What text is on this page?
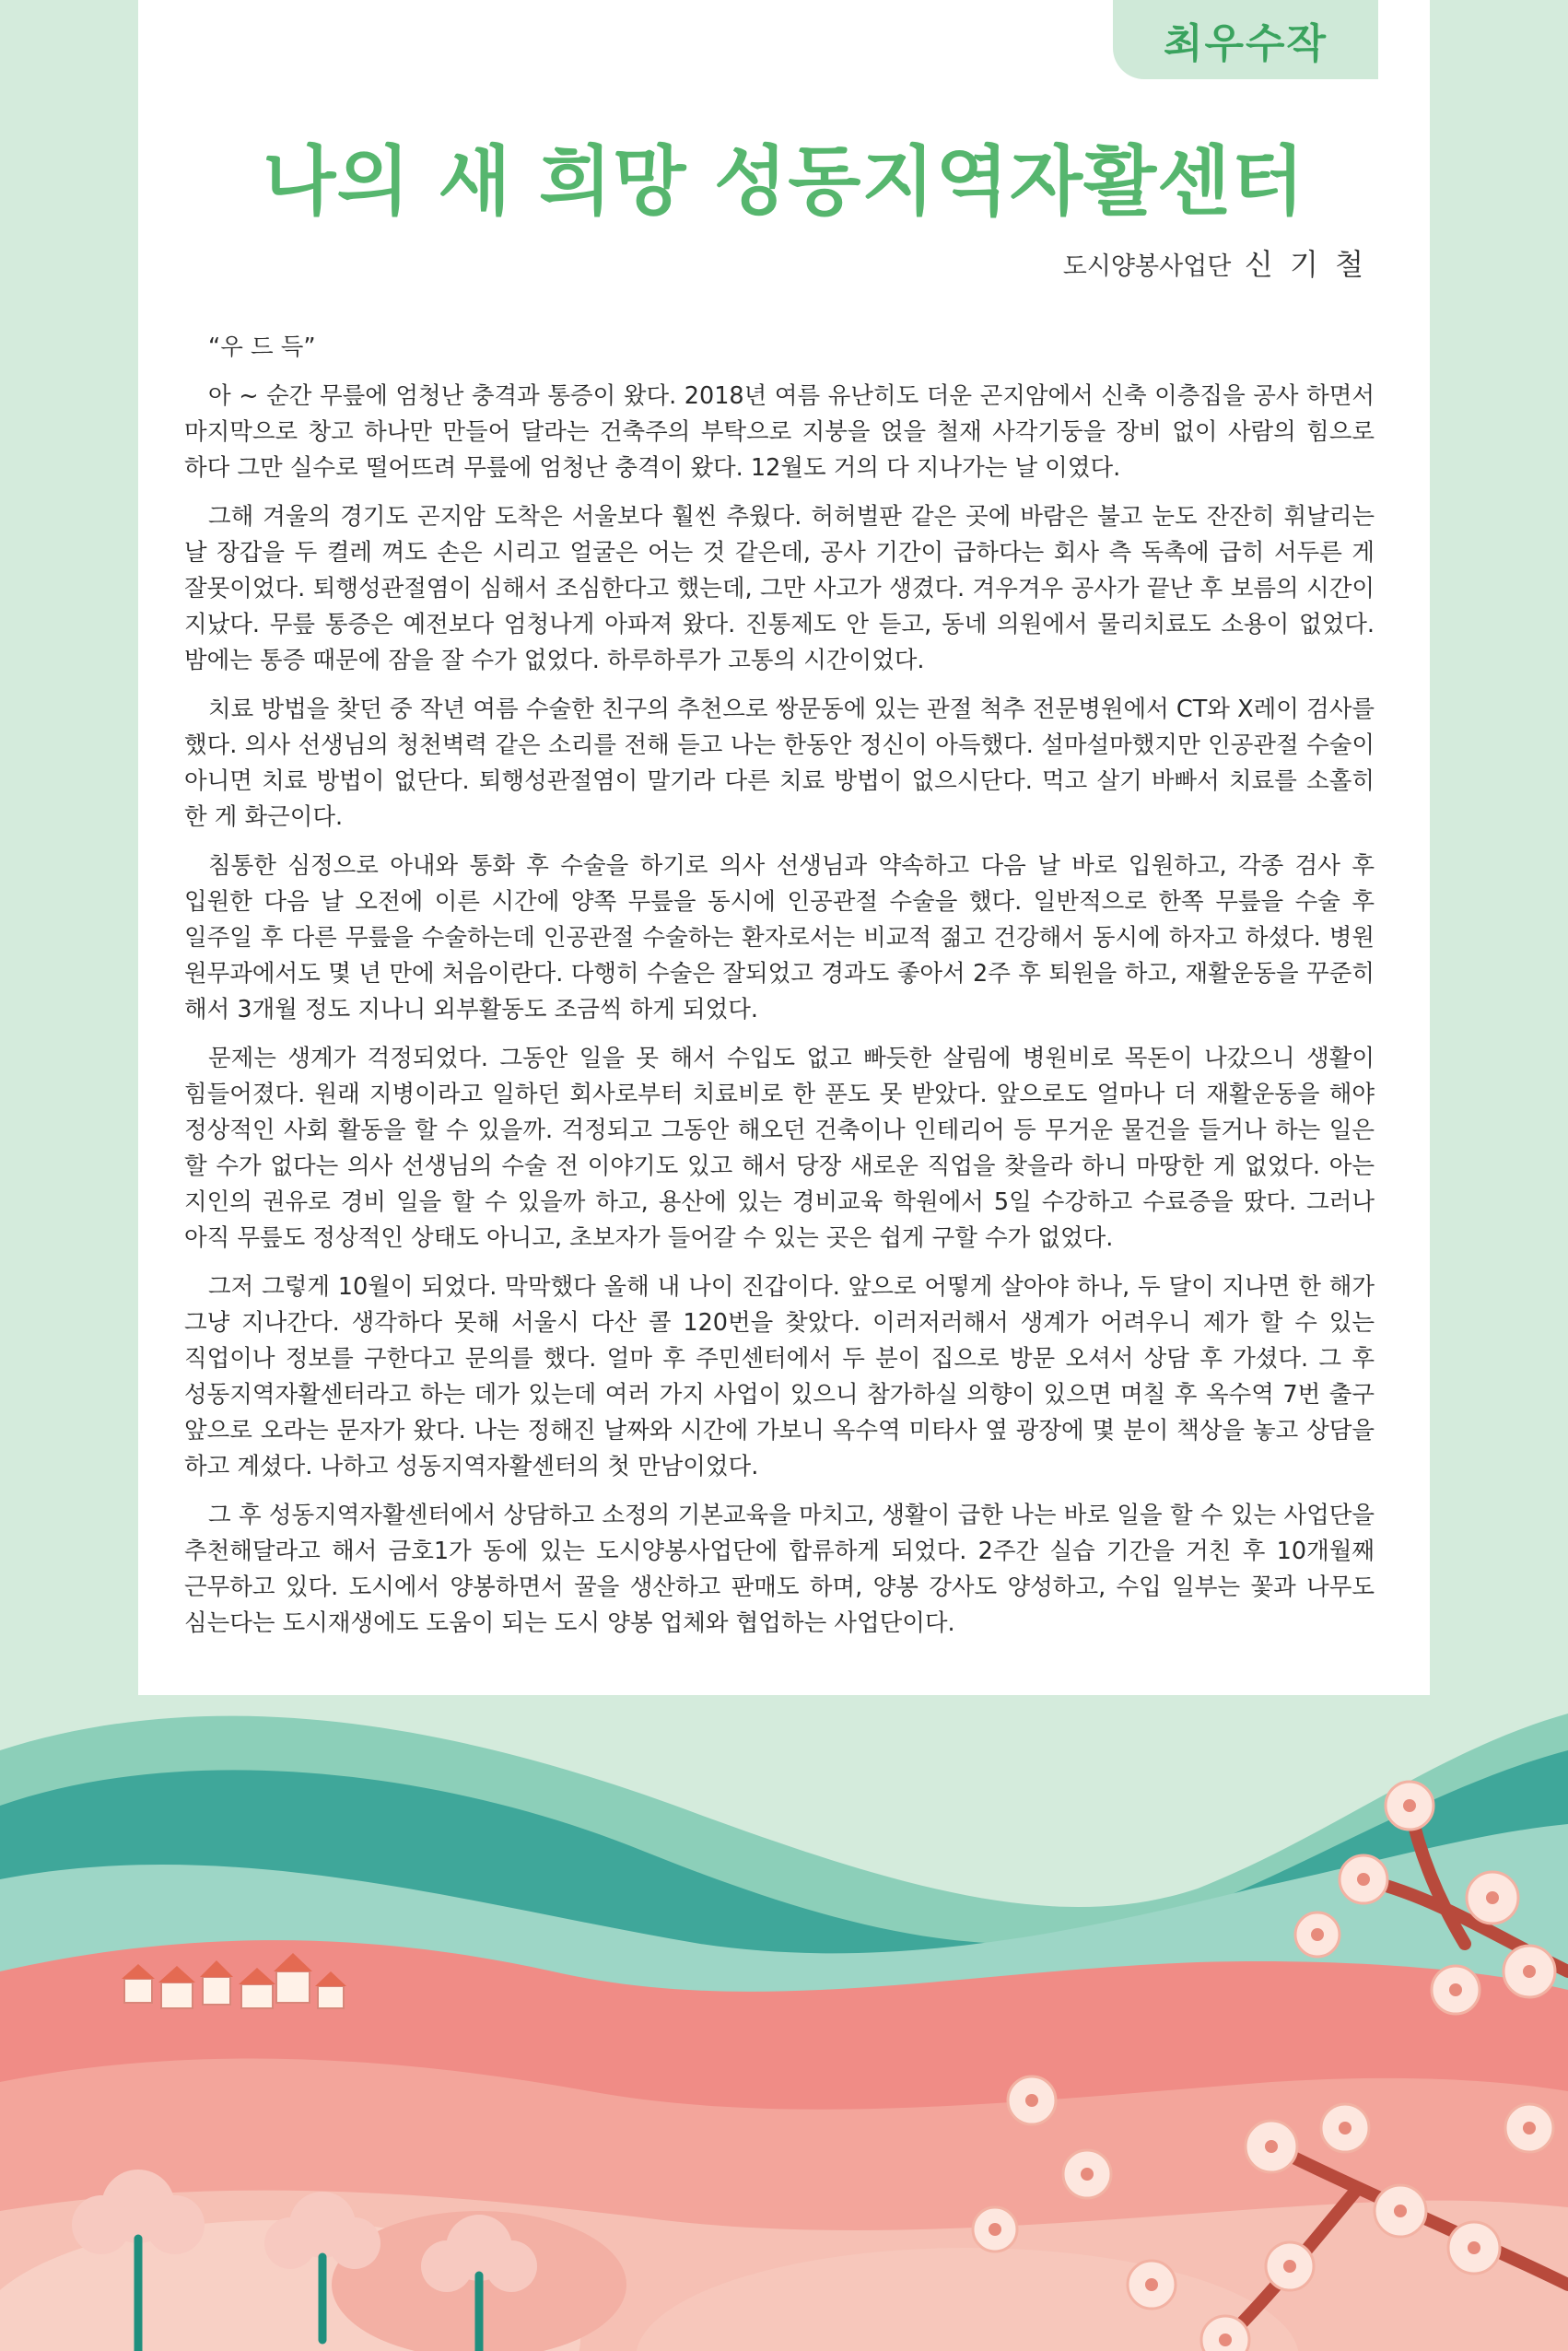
최우수작
나의 새 희망 성동지역자활센터
도시양봉사업단 신 기 철

“우 드 득”

아 ~ 순간 무릎에 엄청난 충격과 통증이 왔다. 2018년 여름 유난히도 더운 곤지암에서 신축 이층집을 공사 하면서 마지막으로 창고 하나만 만들어 달라는 건축주의 부탁으로 지붕을 얹을 철재 사각기둥을 장비 없이 사람의 힘으로 하다 그만 실수로 떨어뜨려 무릎에 엄청난 충격이 왔다. 12월도 거의 다 지나가는 날 이였다.

그해 겨울의 경기도 곤지암 도착은 서울보다 훨씬 추웠다. 허허벌판 같은 곳에 바람은 불고 눈도 잔잔히 휘날리는 날 장갑을 두 켤레 껴도 손은 시리고 얼굴은 어는 것 같은데, 공사 기간이 급하다는 회사 측 독촉에 급히 서두른 게 잘못이었다. 퇴행성관절염이 심해서 조심한다고 했는데, 그만 사고가 생겼다. 겨우겨우 공사가 끝난 후 보름의 시간이 지났다. 무릎 통증은 예전보다 엄청나게 아파져 왔다. 진통제도 안 듣고, 동네 의원에서 물리치료도 소용이 없었다. 밤에는 통증 때문에 잠을 잘 수가 없었다. 하루하루가 고통의 시간이었다.

치료 방법을 찾던 중 작년 여름 수술한 친구의 추천으로 쌍문동에 있는 관절 척추 전문병원에서 CT와 X레이 검사를 했다. 의사 선생님의 청천벽력 같은 소리를 전해 듣고 나는 한동안 정신이 아득했다. 설마설마했지만 인공관절 수술이 아니면 치료 방법이 없단다. 퇴행성관절염이 말기라 다른 치료 방법이 없으시단다. 먹고 살기 바빠서 치료를 소홀히 한 게 화근이다.

침통한 심정으로 아내와 통화 후 수술을 하기로 의사 선생님과 약속하고 다음 날 바로 입원하고, 각종 검사 후 입원한 다음 날 오전에 이른 시간에 양쪽 무릎을 동시에 인공관절 수술을 했다. 일반적으로 한쪽 무릎을 수술 후 일주일 후 다른 무릎을 수술하는데 인공관절 수술하는 환자로서는 비교적 젊고 건강해서 동시에 하자고 하셨다. 병원 원무과에서도 몇 년 만에 처음이란다. 다행히 수술은 잘되었고 경과도 좋아서 2주 후 퇴원을 하고, 재활운동을 꾸준히 해서 3개월 정도 지나니 외부활동도 조금씩 하게 되었다.

문제는 생계가 걱정되었다. 그동안 일을 못 해서 수입도 없고 빠듯한 살림에 병원비로 목돈이 나갔으니 생활이 힘들어졌다. 원래 지병이라고 일하던 회사로부터 치료비로 한 푼도 못 받았다. 앞으로도 얼마나 더 재활운동을 해야 정상적인 사회 활동을 할 수 있을까. 걱정되고 그동안 해오던 건축이나 인테리어 등 무거운 물건을 들거나 하는 일은 할 수가 없다는 의사 선생님의 수술 전 이야기도 있고 해서 당장 새로운 직업을 찾을라 하니 마땅한 게 없었다. 아는 지인의 권유로 경비 일을 할 수 있을까 하고, 용산에 있는 경비교육 학원에서 5일 수강하고 수료증을 땄다. 그러나 아직 무릎도 정상적인 상태도 아니고, 초보자가 들어갈 수 있는 곳은 쉽게 구할 수가 없었다.

그저 그렇게 10월이 되었다. 막막했다 올해 내 나이 진갑이다. 앞으로 어떻게 살아야 하나, 두 달이 지나면 한 해가 그냥 지나간다. 생각하다 못해 서울시 다산 콜 120번을 찾았다. 이러저러해서 생계가 어려우니 제가 할 수 있는 직업이나 정보를 구한다고 문의를 했다. 얼마 후 주민센터에서 두 분이 집으로 방문 오셔서 상담 후 가셨다. 그 후 성동지역자활센터라고 하는 데가 있는데 여러 가지 사업이 있으니 참가하실 의향이 있으면 며칠 후 옥수역 7번 출구 앞으로 오라는 문자가 왔다. 나는 정해진 날짜와 시간에 가보니 옥수역 미타사 옆 광장에 몇 분이 책상을 놓고 상담을 하고 계셨다. 나하고 성동지역자활센터의 첫 만남이었다.

그 후 성동지역자활센터에서 상담하고 소정의 기본교육을 마치고, 생활이 급한 나는 바로 일을 할 수 있는 사업단을 추천해달라고 해서 금호1가 동에 있는 도시양봉사업단에 합류하게 되었다. 2주간 실습 기간을 거친 후 10개월째 근무하고 있다. 도시에서 양봉하면서 꿀을 생산하고 판매도 하며, 양봉 강사도 양성하고, 수입 일부는 꽃과 나무도 심는다는 도시재생에도 도움이 되는 도시 양봉 업체와 협업하는 사업단이다.
